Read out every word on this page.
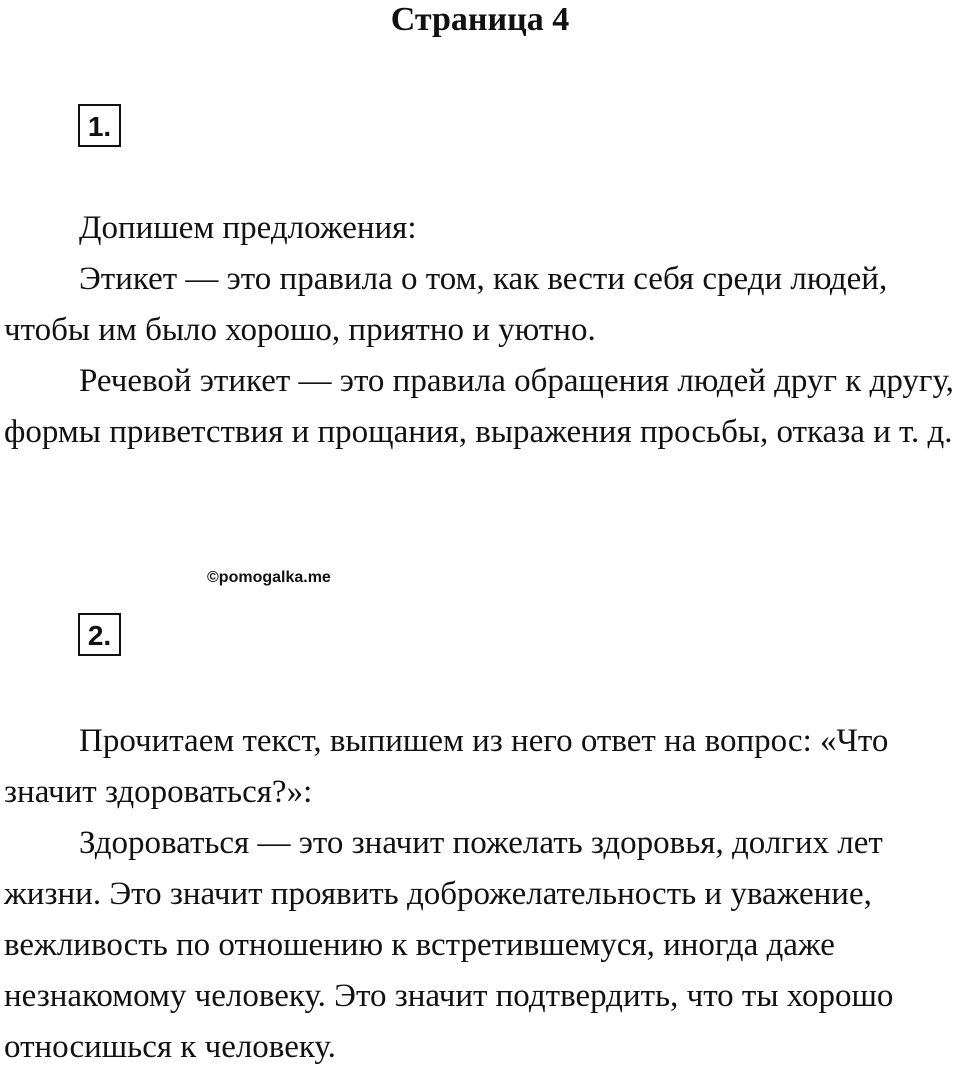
Страница 4
1.

Допишем предложения:

Этикет — это правила о том, как вести себя среди людей, чтобы им было хорошо, приятно и уютно.

Речевой этикет — это правила обращения людей друг к другу, формы приветствия и прощания, выражения просьбы, отказа и т. д.

©pomogalka.me
2.

Прочитаем текст, выпишем из него ответ на вопрос: «Что значит здороваться?»:

Здороваться — это значит пожелать здоровья, долгих лет жизни. Это значит проявить доброжелательность и уважение, вежливость по отношению к встретившемуся, иногда даже незнакомому человеку. Это значит подтвердить, что ты хорошо относишься к человеку.
